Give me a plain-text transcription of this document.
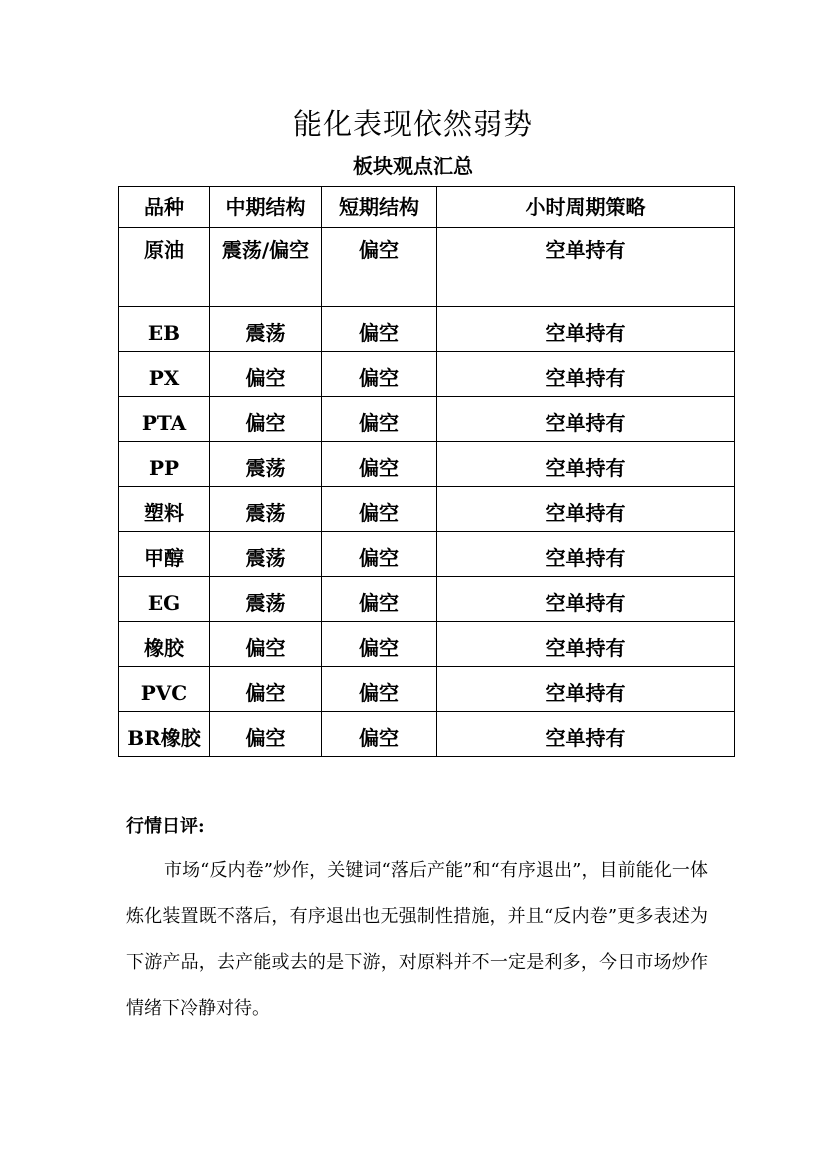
能化表现依然弱势
板块观点汇总
品种	中期结构	短期结构	小时周期策略
原油	震荡/偏空	偏空	空单持有
EB	震荡	偏空	空单持有
PX	偏空	偏空	空单持有
PTA	偏空	偏空	空单持有
PP	震荡	偏空	空单持有
塑料	震荡	偏空	空单持有
甲醇	震荡	偏空	空单持有
EG	震荡	偏空	空单持有
橡胶	偏空	偏空	空单持有
PVC	偏空	偏空	空单持有
BR橡胶	偏空	偏空	空单持有
行情日评:
市场“反内卷”炒作，关键词“落后产能”和“有序退出”，目前能化一体炼化装置既不落后，有序退出也无强制性措施，并且“反内卷”更多表述为下游产品，去产能或去的是下游，对原料并不一定是利多，今日市场炒作情绪下冷静对待。
